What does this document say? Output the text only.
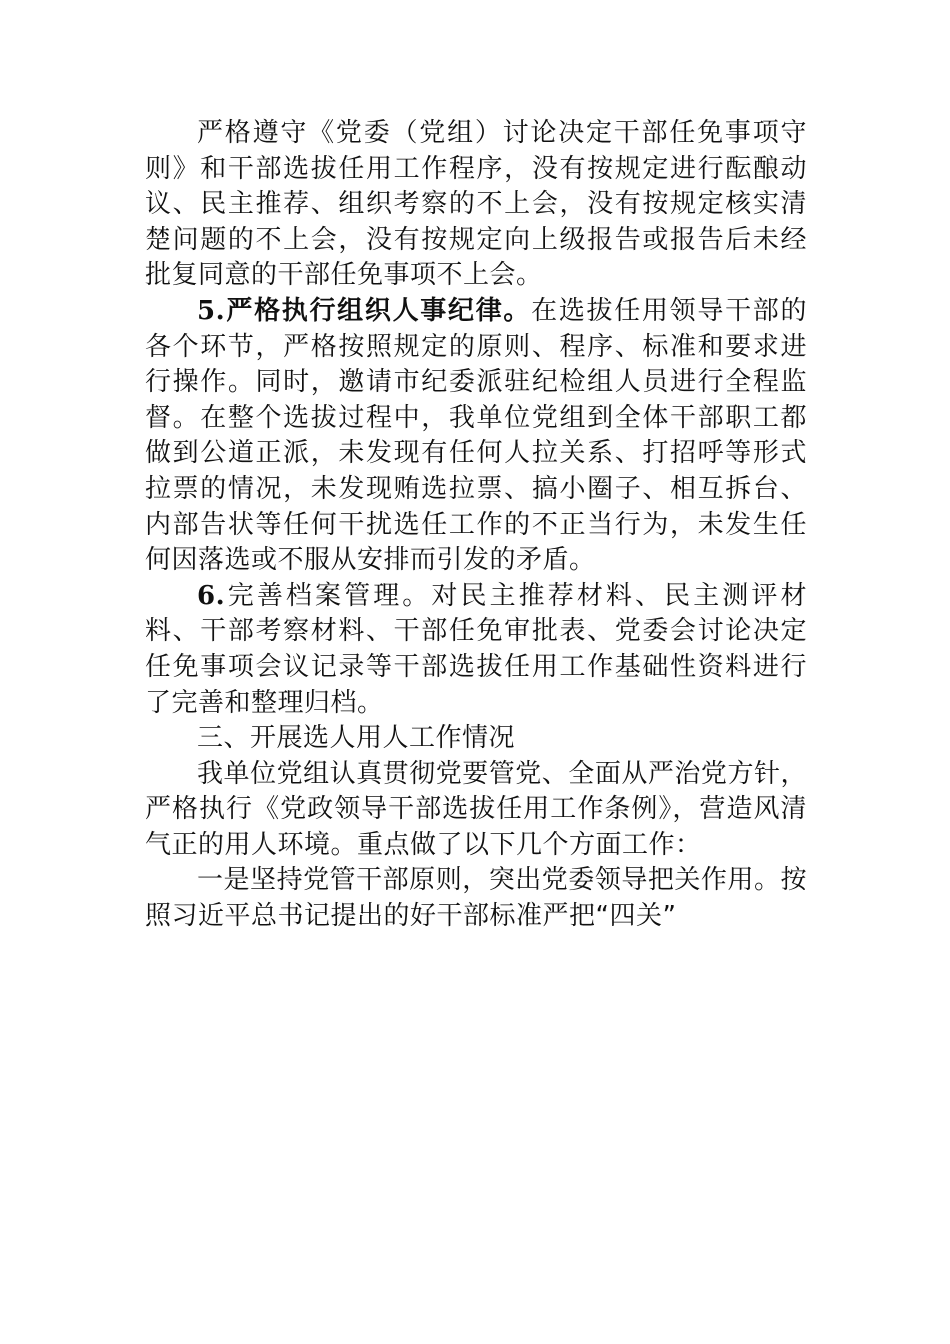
严格遵守《党委（党组）讨论决定干部任免事项守则》和干部选拔任用工作程序，没有按规定进行酝酿动议、民主推荐、组织考察的不上会，没有按规定核实清楚问题的不上会，没有按规定向上级报告或报告后未经批复同意的干部任免事项不上会。

5.严格执行组织人事纪律。在选拔任用领导干部的各个环节，严格按照规定的原则、程序、标准和要求进行操作。同时，邀请市纪委派驻纪检组人员进行全程监督。在整个选拔过程中，我单位党组到全体干部职工都做到公道正派，未发现有任何人拉关系、打招呼等形式拉票的情况，未发现贿选拉票、搞小圈子、相互拆台、内部告状等任何干扰选任工作的不正当行为，未发生任何因落选或不服从安排而引发的矛盾。

6.完善档案管理。对民主推荐材料、民主测评材料、干部考察材料、干部任免审批表、党委会讨论决定任免事项会议记录等干部选拔任用工作基础性资料进行了完善和整理归档。

三、开展选人用人工作情况

我单位党组认真贯彻党要管党、全面从严治党方针，严格执行《党政领导干部选拔任用工作条例》，营造风清气正的用人环境。重点做了以下几个方面工作：

一是坚持党管干部原则，突出党委领导把关作用。按照习近平总书记提出的好干部标准严把“四关”
